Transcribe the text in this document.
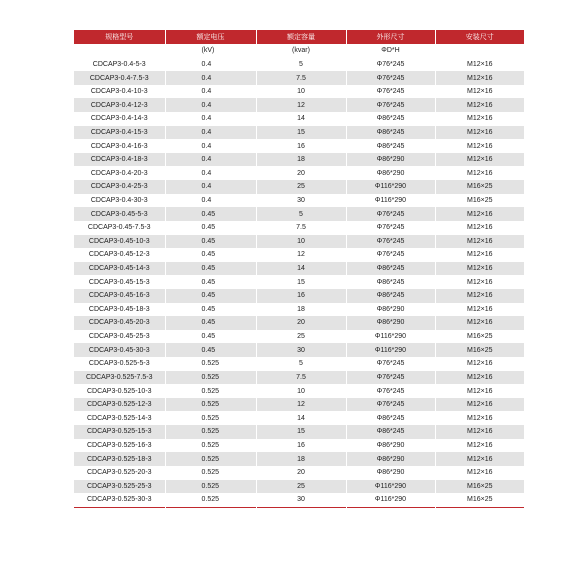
规格型号	额定电压	额定容量	外形尺寸	安装尺寸
	(kV)	(kvar)	ΦD*H	
CDCAP3-0.4-5-3	0.4	5	Φ76*245	M12×16
CDCAP3-0.4-7.5-3	0.4	7.5	Φ76*245	M12×16
CDCAP3-0.4-10-3	0.4	10	Φ76*245	M12×16
CDCAP3-0.4-12-3	0.4	12	Φ76*245	M12×16
CDCAP3-0.4-14-3	0.4	14	Φ86*245	M12×16
CDCAP3-0.4-15-3	0.4	15	Φ86*245	M12×16
CDCAP3-0.4-16-3	0.4	16	Φ86*245	M12×16
CDCAP3-0.4-18-3	0.4	18	Φ86*290	M12×16
CDCAP3-0.4-20-3	0.4	20	Φ86*290	M12×16
CDCAP3-0.4-25-3	0.4	25	Φ116*290	M16×25
CDCAP3-0.4-30-3	0.4	30	Φ116*290	M16×25
CDCAP3-0.45-5-3	0.45	5	Φ76*245	M12×16
CDCAP3-0.45-7.5-3	0.45	7.5	Φ76*245	M12×16
CDCAP3-0.45-10-3	0.45	10	Φ76*245	M12×16
CDCAP3-0.45-12-3	0.45	12	Φ76*245	M12×16
CDCAP3-0.45-14-3	0.45	14	Φ86*245	M12×16
CDCAP3-0.45-15-3	0.45	15	Φ86*245	M12×16
CDCAP3-0.45-16-3	0.45	16	Φ86*245	M12×16
CDCAP3-0.45-18-3	0.45	18	Φ86*290	M12×16
CDCAP3-0.45-20-3	0.45	20	Φ86*290	M12×16
CDCAP3-0.45-25-3	0.45	25	Φ116*290	M16×25
CDCAP3-0.45-30-3	0.45	30	Φ116*290	M16×25
CDCAP3-0.525-5-3	0.525	5	Φ76*245	M12×16
CDCAP3-0.525-7.5-3	0.525	7.5	Φ76*245	M12×16
CDCAP3-0.525-10-3	0.525	10	Φ76*245	M12×16
CDCAP3-0.525-12-3	0.525	12	Φ76*245	M12×16
CDCAP3-0.525-14-3	0.525	14	Φ86*245	M12×16
CDCAP3-0.525-15-3	0.525	15	Φ86*245	M12×16
CDCAP3-0.525-16-3	0.525	16	Φ86*290	M12×16
CDCAP3-0.525-18-3	0.525	18	Φ86*290	M12×16
CDCAP3-0.525-20-3	0.525	20	Φ86*290	M12×16
CDCAP3-0.525-25-3	0.525	25	Φ116*290	M16×25
CDCAP3-0.525-30-3	0.525	30	Φ116*290	M16×25
